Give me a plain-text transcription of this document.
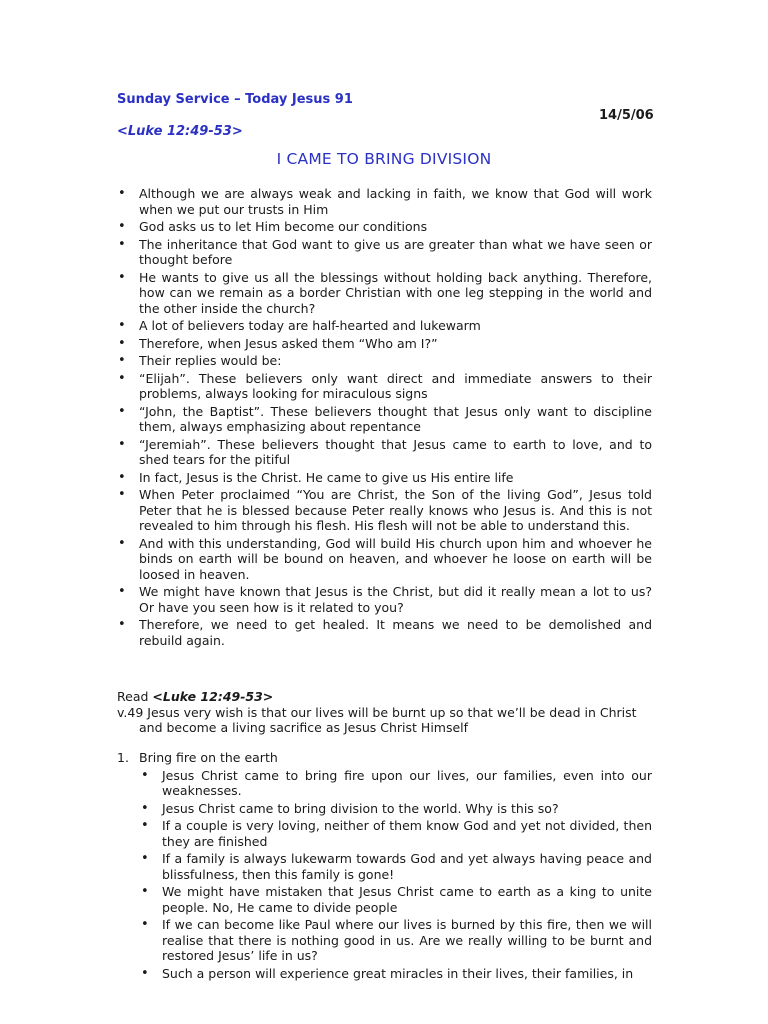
Sunday Service – Today Jesus 91
14/5/06
<Luke 12:49-53>
I CAME TO BRING DIVISION
• Although we are always weak and lacking in faith, we know that God will work when we put our trusts in Him
• God asks us to let Him become our conditions
• The inheritance that God want to give us are greater than what we have seen or thought before
• He wants to give us all the blessings without holding back anything. Therefore, how can we remain as a border Christian with one leg stepping in the world and the other inside the church?
• A lot of believers today are half-hearted and lukewarm
• Therefore, when Jesus asked them “Who am I?”
• Their replies would be:
• “Elijah”. These believers only want direct and immediate answers to their problems, always looking for miraculous signs
• “John, the Baptist”. These believers thought that Jesus only want to discipline them, always emphasizing about repentance
• “Jeremiah”. These believers thought that Jesus came to earth to love, and to shed tears for the pitiful
• In fact, Jesus is the Christ. He came to give us His entire life
• When Peter proclaimed “You are Christ, the Son of the living God”, Jesus told Peter that he is blessed because Peter really knows who Jesus is. And this is not revealed to him through his flesh. His flesh will not be able to understand this.
• And with this understanding, God will build His church upon him and whoever he binds on earth will be bound on heaven, and whoever he loose on earth will be loosed in heaven.
• We might have known that Jesus is the Christ, but did it really mean a lot to us? Or have you seen how is it related to you?
• Therefore, we need to get healed. It means we need to be demolished and rebuild again.

Read <Luke 12:49-53>

v.49 Jesus very wish is that our lives will be burnt up so that we’ll be dead in Christ and become a living sacrifice as Jesus Christ Himself

1. Bring fire on the earth

• Jesus Christ came to bring fire upon our lives, our families, even into our weaknesses.
• Jesus Christ came to bring division to the world. Why is this so?
• If a couple is very loving, neither of them know God and yet not divided, then they are finished
• If a family is always lukewarm towards God and yet always having peace and blissfulness, then this family is gone!
• We might have mistaken that Jesus Christ came to earth as a king to unite people. No, He came to divide people
• If we can become like Paul where our lives is burned by this fire, then we will realise that there is nothing good in us. Are we really willing to be burnt and restored Jesus’ life in us?
• Such a person will experience great miracles in their lives, their families, in
